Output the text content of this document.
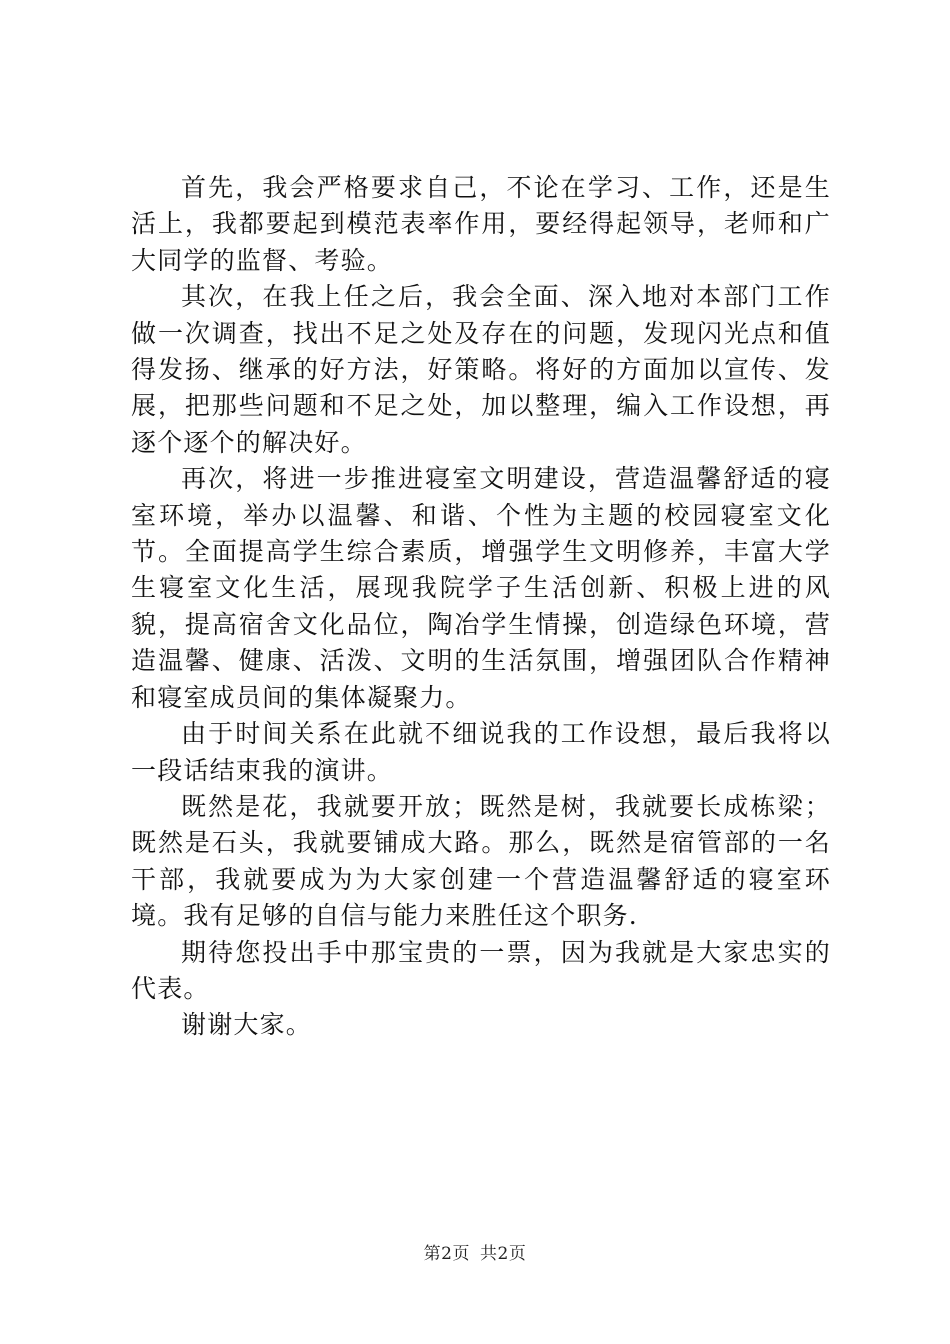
首先，我会严格要求自己，不论在学习、工作，还是生活上，我都要起到模范表率作用，要经得起领导，老师和广大同学的监督、考验。

其次，在我上任之后，我会全面、深入地对本部门工作做一次调查，找出不足之处及存在的问题，发现闪光点和值得发扬、继承的好方法，好策略。将好的方面加以宣传、发展，把那些问题和不足之处，加以整理，编入工作设想，再逐个逐个的解决好。

再次，将进一步推进寝室文明建设，营造温馨舒适的寝室环境，举办以温馨、和谐、个性为主题的校园寝室文化节。全面提高学生综合素质，增强学生文明修养，丰富大学生寝室文化生活，展现我院学子生活创新、积极上进的风貌，提高宿舍文化品位，陶冶学生情操，创造绿色环境，营造温馨、健康、活泼、文明的生活氛围，增强团队合作精神和寝室成员间的集体凝聚力。

由于时间关系在此就不细说我的工作设想，最后我将以一段话结束我的演讲。

既然是花，我就要开放；既然是树，我就要长成栋梁；既然是石头，我就要铺成大路。那么，既然是宿管部的一名干部，我就要成为为大家创建一个营造温馨舒适的寝室环境。我有足够的自信与能力来胜任这个职务.

期待您投出手中那宝贵的一票，因为我就是大家忠实的代表。

谢谢大家。

第2页 共2页
